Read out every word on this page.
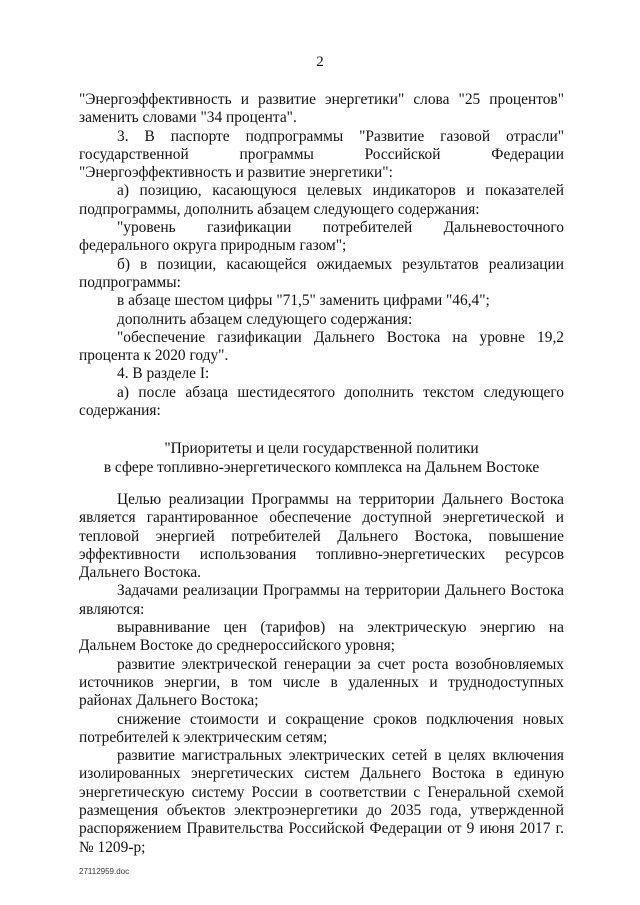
2

"Энергоэффективность и развитие энергетики" слова "25 процентов" заменить словами "34 процента".

3. В паспорте подпрограммы "Развитие газовой отрасли" государственной программы Российской Федерации "Энергоэффективность и развитие энергетики":

а) позицию, касающуюся целевых индикаторов и показателей подпрограммы, дополнить абзацем следующего содержания:

"уровень газификации потребителей Дальневосточного федерального округа природным газом";

б) в позиции, касающейся ожидаемых результатов реализации подпрограммы:

в абзаце шестом цифры "71,5" заменить цифрами "46,4";

дополнить абзацем следующего содержания:

"обеспечение газификации Дальнего Востока на уровне 19,2 процента к 2020 году".

4. В разделе I:

а) после абзаца шестидесятого дополнить текстом следующего содержания:

"Приоритеты и цели государственной политики
в сфере топливно-энергетического комплекса на Дальнем Востоке

Целью реализации Программы на территории Дальнего Востока является гарантированное обеспечение доступной энергетической и тепловой энергией потребителей Дальнего Востока, повышение эффективности использования топливно-энергетических ресурсов Дальнего Востока.

Задачами реализации Программы на территории Дальнего Востока являются:

выравнивание цен (тарифов) на электрическую энергию на Дальнем Востоке до среднероссийского уровня;

развитие электрической генерации за счет роста возобновляемых источников энергии, в том числе в удаленных и труднодоступных районах Дальнего Востока;

снижение стоимости и сокращение сроков подключения новых потребителей к электрическим сетям;

развитие магистральных электрических сетей в целях включения изолированных энергетических систем Дальнего Востока в единую энергетическую систему России в соответствии с Генеральной схемой размещения объектов электроэнергетики до 2035 года, утвержденной распоряжением Правительства Российской Федерации от 9 июня 2017 г. № 1209-р;

27112959.doc
